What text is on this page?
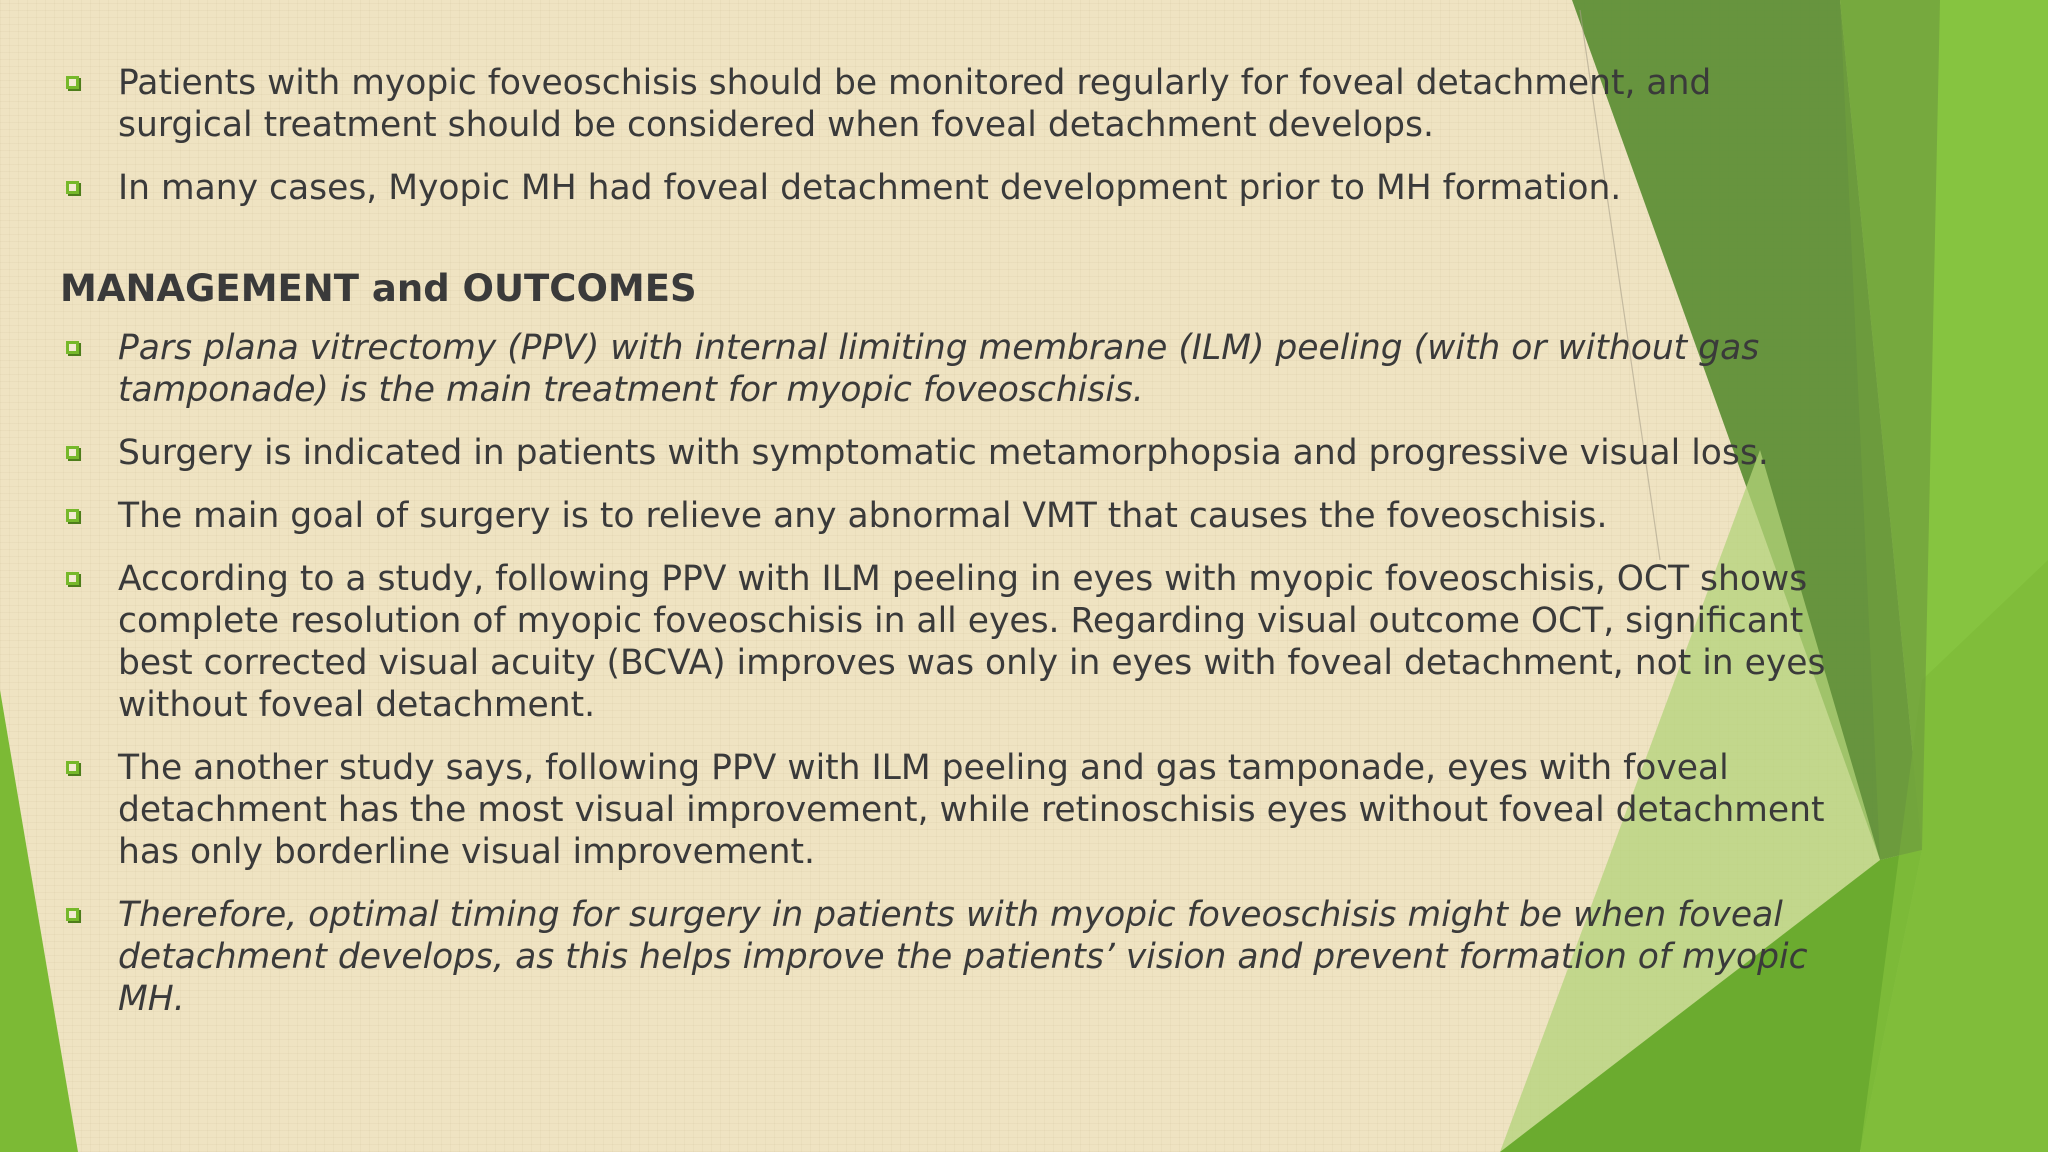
Patients with myopic foveoschisis should be monitored regularly for foveal detachment, and surgical treatment should be considered when foveal detachment develops.
In many cases, Myopic MH had foveal detachment development prior to MH formation.
MANAGEMENT and OUTCOMES
Pars plana vitrectomy (PPV) with internal limiting membrane (ILM) peeling (with or without gas tamponade) is the main treatment for myopic foveoschisis.
Surgery is indicated in patients with symptomatic metamorphopsia and progressive visual loss.
The main goal of surgery is to relieve any abnormal VMT that causes the foveoschisis.
According to a study, following PPV with ILM peeling in eyes with myopic foveoschisis, OCT shows complete resolution of myopic foveoschisis in all eyes. Regarding visual outcome OCT, significant best corrected visual acuity (BCVA) improves was only in eyes with foveal detachment, not in eyes without foveal detachment.
The another study says, following PPV with ILM peeling and gas tamponade, eyes with foveal detachment has the most visual improvement, while retinoschisis eyes without foveal detachment has only borderline visual improvement.
Therefore, optimal timing for surgery in patients with myopic foveoschisis might be when foveal detachment develops, as this helps improve the patients’ vision and prevent formation of myopic MH.
